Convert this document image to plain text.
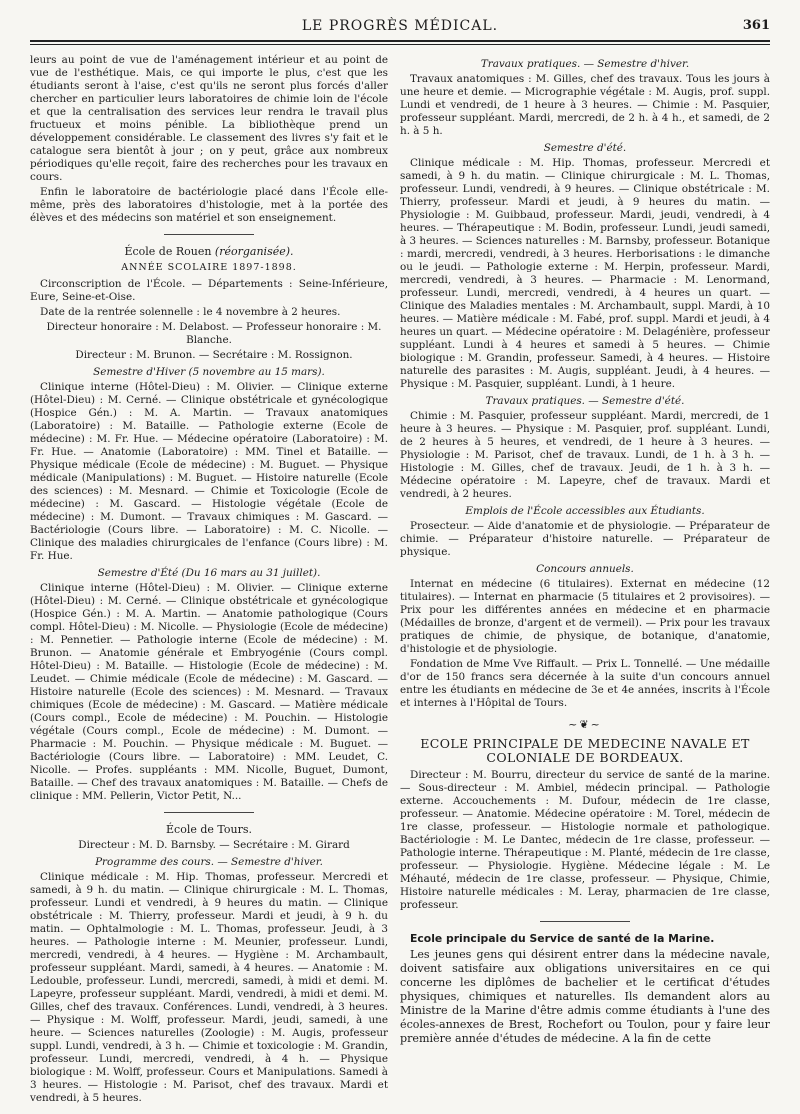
LE PROGRÈS MÉDICAL.	361

leurs au point de vue de l'aménagement intérieur et au point de vue de l'esthétique. Mais, ce qui importe le plus, c'est que les étudiants seront à l'aise, c'est qu'ils ne seront plus forcés d'aller chercher en particulier leurs laboratoires de chimie loin de l'école et que la centralisation des services leur rendra le travail plus fructueux et moins pénible. La bibliothèque prend un développement considérable. Le classement des livres s'y fait et le catalogue sera bientôt à jour ; on y peut, grâce aux nombreux périodiques qu'elle reçoit, faire des recherches pour les travaux en cours.

Enfin le laboratoire de bactériologie placé dans l'École elle-même, près des laboratoires d'histologie, met à la portée des élèves et des médecins son matériel et son enseignement.

École de Rouen (réorganisée).
ANNÉE SCOLAIRE 1897-1898.

Circonscription de l'École. — Départements : Seine-Inférieure, Eure, Seine-et-Oise.

Date de la rentrée solennelle : le 4 novembre à 2 heures.

Directeur honoraire : M. Delabost. — Professeur honoraire : M. Blanche.

Directeur : M. Brunon. — Secrétaire : M. Rossignon.

Semestre d'Hiver (5 novembre au 15 mars).

Clinique interne (Hôtel-Dieu) : M. Olivier. — Clinique externe (Hôtel-Dieu) : M. Cerné. — Clinique obstétricale et gynécologique (Hospice Gén.) : M. A. Martin. — Travaux anatomiques (Laboratoire) : M. Bataille. — Pathologie externe (Ecole de médecine) : M. Fr. Hue. — Médecine opératoire (Laboratoire) : M. Fr. Hue. — Anatomie (Laboratoire) : MM. Tinel et Bataille. — Physique médicale (Ecole de médecine) : M. Buguet. — Physique médicale (Manipulations) : M. Buguet. — Histoire naturelle (Ecole des sciences) : M. Mesnard. — Chimie et Toxicologie (Ecole de médecine) : M. Gascard. — Histologie végétale (Ecole de médecine) : M. Dumont. — Travaux chimiques : M. Gascard. — Bactériologie (Cours libre. — Laboratoire) : M. C. Nicolle. — Clinique des maladies chirurgicales de l'enfance (Cours libre) : M. Fr. Hue.

Semestre d'Été (Du 16 mars au 31 juillet).

Clinique interne (Hôtel-Dieu) : M. Olivier. — Clinique externe (Hôtel-Dieu) : M. Cerné. — Clinique obstétricale et gynécologique (Hospice Gén.) : M. A. Martin. — Anatomie pathologique (Cours compl. Hôtel-Dieu) : M. Nicolle. — Physiologie (Ecole de médecine) : M. Pennetier. — Pathologie interne (Ecole de médecine) : M. Brunon. — Anatomie générale et Embryogénie (Cours compl. Hôtel-Dieu) : M. Bataille. — Histologie (Ecole de médecine) : M. Leudet. — Chimie médicale (Ecole de médecine) : M. Gascard. — Histoire naturelle (Ecole des sciences) : M. Mesnard. — Travaux chimiques (Ecole de médecine) : M. Gascard. — Matière médicale (Cours compl., Ecole de médecine) : M. Pouchin. — Histologie végétale (Cours compl., Ecole de médecine) : M. Dumont. — Pharmacie : M. Pouchin. — Physique médicale : M. Buguet. — Bactériologie (Cours libre. — Laboratoire) : MM. Leudet, C. Nicolle. — Profes. suppléants : MM. Nicolle, Buguet, Dumont, Bataille. — Chef des travaux anatomiques : M. Bataille. — Chefs de clinique : MM. Pellerin, Victor Petit, N...

École de Tours.

Directeur : M. D. Barnsby. — Secrétaire : M. Girard

Programme des cours. — Semestre d'hiver.

Clinique médicale : M. Hip. Thomas, professeur. Mercredi et samedi, à 9 h. du matin. — Clinique chirurgicale : M. L. Thomas, professeur. Lundi et vendredi, à 9 heures du matin. — Clinique obstétricale : M. Thierry, professeur. Mardi et jeudi, à 9 h. du matin. — Ophtalmologie : M. L. Thomas, professeur. Jeudi, à 3 heures. — Pathologie interne : M. Meunier, professeur. Lundi, mercredi, vendredi, à 4 heures. — Hygiène : M. Archambault, professeur suppléant. Mardi, samedi, à 4 heures. — Anatomie : M. Ledouble, professeur. Lundi, mercredi, samedi, à midi et demi. M. Lapeyre, professeur suppléant. Mardi, vendredi, à midi et demi. M. Gilles, chef des travaux. Conférences. Lundi, vendredi, à 3 heures. — Physique : M. Wolff, professeur. Mardi, jeudi, samedi, à une heure. — Sciences naturelles (Zoologie) : M. Augis, professeur suppl. Lundi, vendredi, à 3 h. — Chimie et toxicologie : M. Grandin, professeur. Lundi, mercredi, vendredi, à 4 h. — Physique biologique : M. Wolff, professeur. Cours et Manipulations. Samedi à 3 heures. — Histologie : M. Parisot, chef des travaux. Mardi et vendredi, à 5 heures.

Travaux pratiques. — Semestre d'hiver.

Travaux anatomiques : M. Gilles, chef des travaux. Tous les jours à une heure et demie. — Micrographie végétale : M. Augis, prof. suppl. Lundi et vendredi, de 1 heure à 3 heures. — Chimie : M. Pasquier, professeur suppléant. Mardi, mercredi, de 2 h. à 4 h., et samedi, de 2 h. à 5 h.

Semestre d'été.

Clinique médicale : M. Hip. Thomas, professeur. Mercredi et samedi, à 9 h. du matin. — Clinique chirurgicale : M. L. Thomas, professeur. Lundi, vendredi, à 9 heures. — Clinique obstétricale : M. Thierry, professeur. Mardi et jeudi, à 9 heures du matin. — Physiologie : M. Guibbaud, professeur. Mardi, jeudi, vendredi, à 4 heures. — Thérapeutique : M. Bodin, professeur. Lundi, jeudi samedi, à 3 heures. — Sciences naturelles : M. Barnsby, professeur. Botanique : mardi, mercredi, vendredi, à 3 heures. Herborisations : le dimanche ou le jeudi. — Pathologie externe : M. Herpin, professeur. Mardi, mercredi, vendredi, à 3 heures. — Pharmacie : M. Lenormand, professeur. Lundi, mercredi, vendredi, à 4 heures un quart. — Clinique des Maladies mentales : M. Archambault, suppl. Mardi, à 10 heures. — Matière médicale : M. Fabé, prof. suppl. Mardi et jeudi, à 4 heures un quart. — Médecine opératoire : M. Delagénière, professeur suppléant. Lundi à 4 heures et samedi à 5 heures. — Chimie biologique : M. Grandin, professeur. Samedi, à 4 heures. — Histoire naturelle des parasites : M. Augis, suppléant. Jeudi, à 4 heures. — Physique : M. Pasquier, suppléant. Lundi, à 1 heure.

Travaux pratiques. — Semestre d'été.

Chimie : M. Pasquier, professeur suppléant. Mardi, mercredi, de 1 heure à 3 heures. — Physique : M. Pasquier, prof. suppléant. Lundi, de 2 heures à 5 heures, et vendredi, de 1 heure à 3 heures. — Physiologie : M. Parisot, chef de travaux. Lundi, de 1 h. à 3 h. — Histologie : M. Gilles, chef de travaux. Jeudi, de 1 h. à 3 h. — Médecine opératoire : M. Lapeyre, chef de travaux. Mardi et vendredi, à 2 heures.

Emplois de l'École accessibles aux Étudiants.

Prosecteur. — Aide d'anatomie et de physiologie. — Préparateur de chimie. — Préparateur d'histoire naturelle. — Préparateur de physique.

Concours annuels.

Internat en médecine (6 titulaires). Externat en médecine (12 titulaires). — Internat en pharmacie (5 titulaires et 2 provisoires). — Prix pour les différentes années en médecine et en pharmacie (Médailles de bronze, d'argent et de vermeil). — Prix pour les travaux pratiques de chimie, de physique, de botanique, d'anatomie, d'histologie et de physiologie.

Fondation de Mme Vve Riffault. — Prix L. Tonnellé. — Une médaille d'or de 150 francs sera décernée à la suite d'un concours annuel entre les étudiants en médecine de 3e et 4e années, inscrits à l'École et internes à l'Hôpital de Tours.

~❦~
ECOLE PRINCIPALE DE MEDECINE NAVALE ET COLONIALE DE BORDEAUX.

Directeur : M. Bourru, directeur du service de santé de la marine. — Sous-directeur : M. Ambiel, médecin principal. — Pathologie externe. Accouchements : M. Dufour, médecin de 1re classe, professeur. — Anatomie. Médecine opératoire : M. Torel, médecin de 1re classe, professeur. — Histologie normale et pathologique. Bactériologie : M. Le Dantec, médecin de 1re classe, professeur. — Pathologie interne. Thérapeutique : M. Planté, médecin de 1re classe, professeur. — Physiologie. Hygiène. Médecine légale : M. Le Méhauté, médecin de 1re classe, professeur. — Physique, Chimie, Histoire naturelle médicales : M. Leray, pharmacien de 1re classe, professeur.

Ecole principale du Service de santé de la Marine.

Les jeunes gens qui désirent entrer dans la médecine navale, doivent satisfaire aux obligations universitaires en ce qui concerne les diplômes de bachelier et le certificat d'études physiques, chimiques et naturelles. Ils demandent alors au Ministre de la Marine d'être admis comme étudiants à l'une des écoles-annexes de Brest, Rochefort ou Toulon, pour y faire leur première année d'études de médecine. A la fin de cette
